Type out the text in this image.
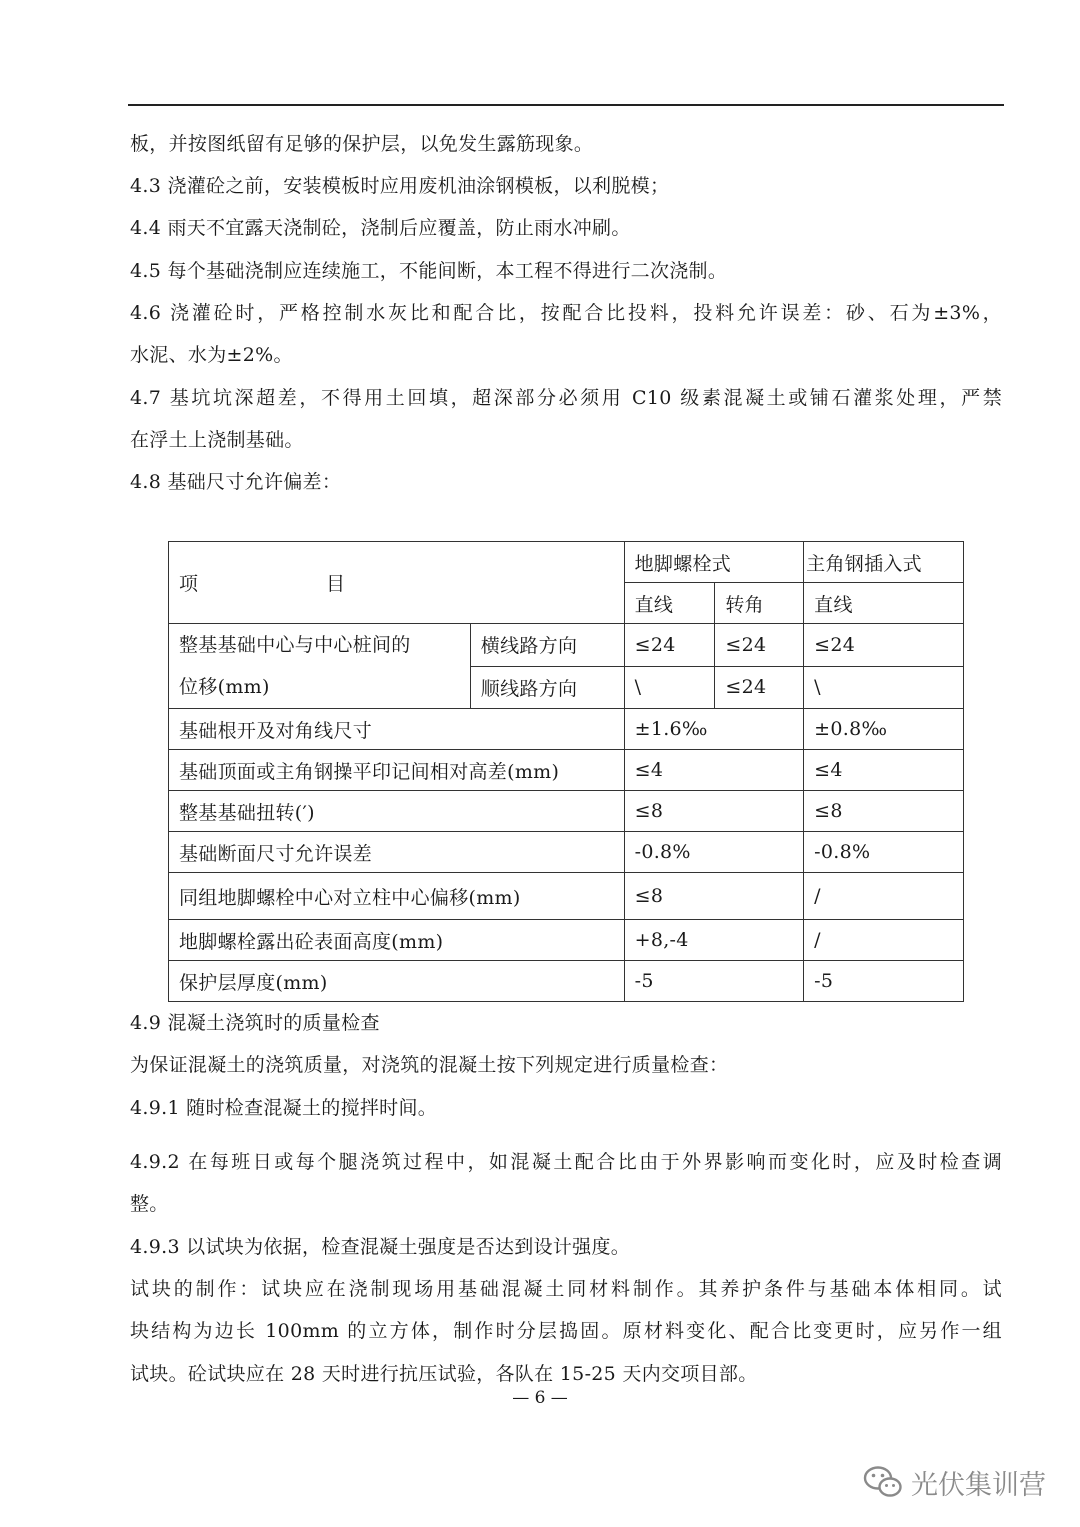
板，并按图纸留有足够的保护层，以免发生露筋现象。
4.3 浇灌砼之前，安装模板时应用废机油涂钢模板，以利脱模；
4.4 雨天不宜露天浇制砼，浇制后应覆盖，防止雨水冲刷。
4.5 每个基础浇制应连续施工，不能间断，本工程不得进行二次浇制。
4.6 浇灌砼时，严格控制水灰比和配合比，按配合比投料，投料允许误差：砂、石为±3%，
水泥、水为±2%。
4.7 基坑坑深超差，不得用土回填，超深部分必须用 C10 级素混凝土或铺石灌浆处理，严禁
在浮土上浇制基础。
4.8 基础尺寸允许偏差：
项 目		地脚螺栓式		主角钢插入式
		直线	转角	直线
整基基础中心与中心桩间的
位移(mm)	横线路方向	≤24	≤24	≤24
	顺线路方向	\	≤24	\
基础根开及对角线尺寸		±1.6‰		±0.8‰
基础顶面或主角钢操平印记间相对高差(mm)		≤4		≤4
整基基础扭转(′)		≤8		≤8
基础断面尺寸允许误差		-0.8%		-0.8%
同组地脚螺栓中心对立柱中心偏移(mm)		≤8		/
地脚螺栓露出砼表面高度(mm)		+8,-4		/
保护层厚度(mm)		-5		-5
4.9 混凝土浇筑时的质量检查
为保证混凝土的浇筑质量，对浇筑的混凝土按下列规定进行质量检查：
4.9.1 随时检查混凝土的搅拌时间。
4.9.2 在每班日或每个腿浇筑过程中，如混凝土配合比由于外界影响而变化时，应及时检查调
整。
4.9.3 以试块为依据，检查混凝土强度是否达到设计强度。
试块的制作：试块应在浇制现场用基础混凝土同材料制作。其养护条件与基础本体相同。试
块结构为边长 100mm 的立方体，制作时分层捣固。原材料变化、配合比变更时，应另作一组
试块。砼试块应在 28 天时进行抗压试验，各队在 15-25 天内交项目部。
— 6 —
光伏集训营
